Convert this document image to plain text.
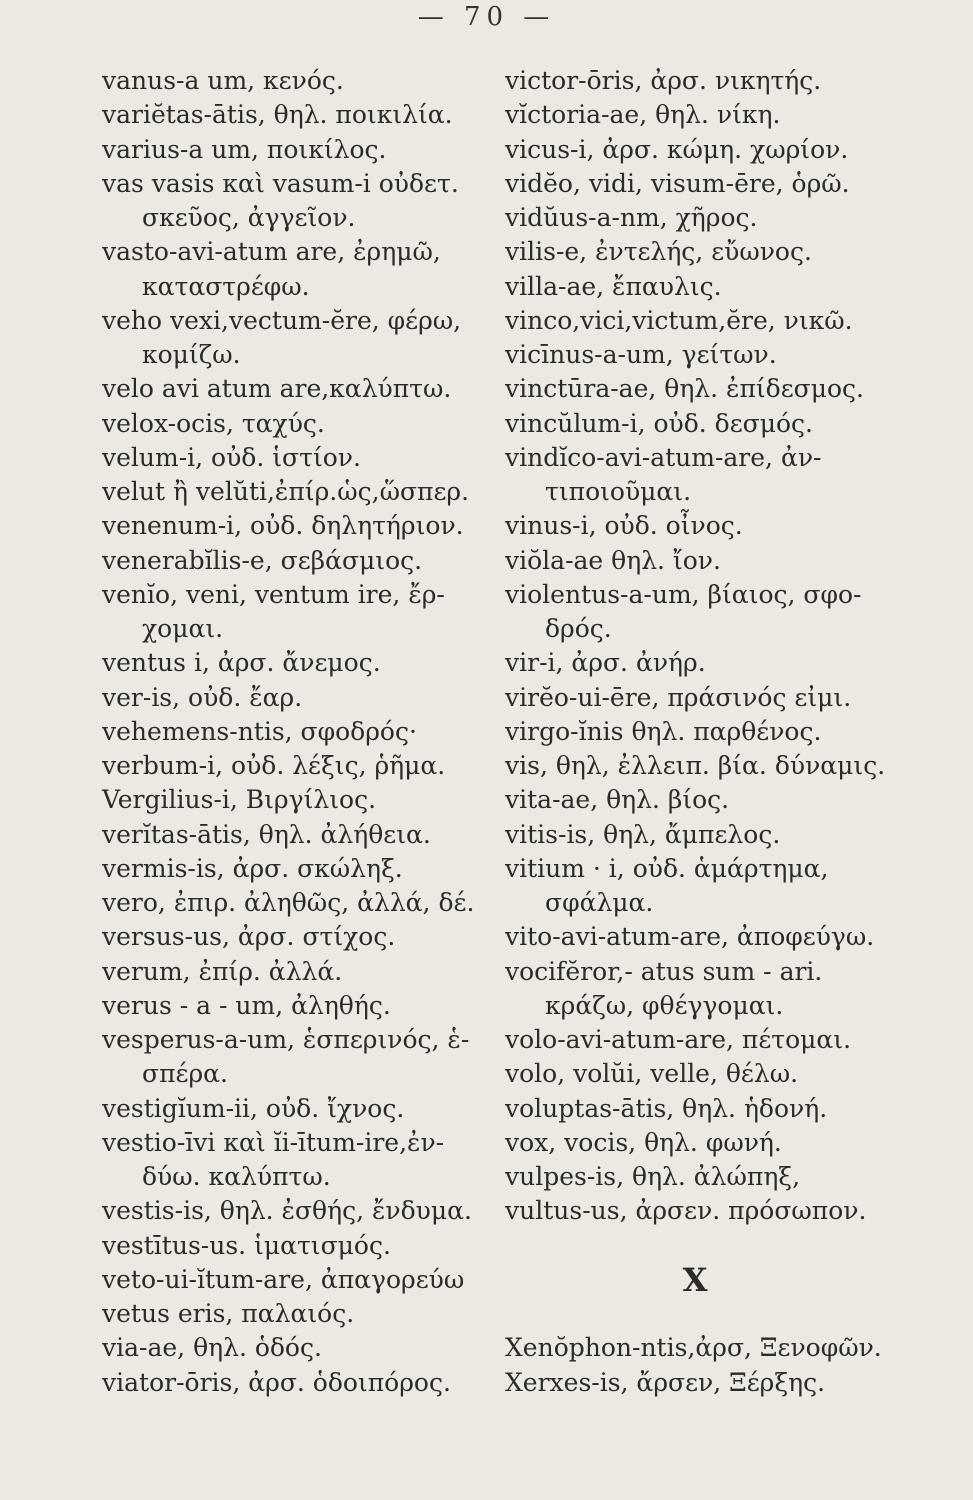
— 70 —
vanus-a um, κενός.
variĕtas-ātis, θηλ. ποικιλία.
varius-a um, ποικίλος.
vas vasis καὶ vasum-i οὐδετ.
σκεῦος, ἀγγεῖον.
vasto-avi-atum are, ἐρημῶ,
καταστρέφω.
veho vexi,vectum-ĕre, φέρω,
κομίζω.
velo avi atum are,καλύπτω.
velox-ocis, ταχύς.
velum-i, οὐδ. ἱστίον.
velut ἢ velŭti,ἐπίρ.ὡς,ὥσπερ.
venenum-i, οὐδ. δηλητήριον.
venerabĭlis-e, σεβάσμιος.
venĭo, veni, ventum ire, ἔρ-
χομαι.
ventus i, ἀρσ. ἄνεμος.
ver-is, οὐδ. ἔαρ.
vehemens-ntis, σφοδρός·
verbum-i, οὐδ. λέξις, ῥῆμα.
Vergilius-i, Βιργίλιος.
verĭtas-ātis, θηλ. ἀλήθεια.
vermis-is, ἀρσ. σκώληξ.
vero, ἐπιρ. ἀληθῶς, ἀλλά, δέ.
versus-us, ἀρσ. στίχος.
verum, ἐπίρ. ἀλλά.
verus - a - um, ἀληθής.
vesperus-a-um, ἑσπερινός, ἑ-
σπέρα.
vestigĭum-ii, οὐδ. ἴχνος.
vestio-īvi καὶ ĭi-ītum-ire,ἐν-
δύω. καλύπτω.
vestis-is, θηλ. ἐσθής, ἔνδυμα.
vestītus-us. ἱματισμός.
veto-ui-ĭtum-are, ἀπαγορεύω
vetus eris, παλαιός.
via-ae, θηλ. ὁδός.
viator-ōris, ἀρσ. ὁδοιπόρος.
victor-ōris, ἀρσ. νικητής.
vĭctoria-ae, θηλ. νίκη.
vicus-i, ἀρσ. κώμη. χωρίον.
vidĕo, vidi, visum-ēre, ὁρῶ.
vidŭus-a-nm, χῆρος.
vilis-e, ἐντελής, εὔωνος.
villa-ae, ἔπαυλις.
vinco,vici,victum,ĕre, νικῶ.
vicīnus-a-um, γείτων.
vinctūra-ae, θηλ. ἐπίδεσμος.
vincŭlum-i, οὐδ. δεσμός.
vindĭco-avi-atum-are, ἀν-
τιποιοῦμαι.
vinus-i, οὐδ. οἶνος.
viŏla-ae θηλ. ἴον.
violentus-a-um, βίαιος, σφο-
δρός.
vir-i, ἀρσ. ἀνήρ.
virĕo-ui-ēre, πράσινός εἰμι.
virgo-ĭnis θηλ. παρθένος.
vis, θηλ, ἐλλειπ. βία. δύναμις.
vita-ae, θηλ. βίος.
vitis-is, θηλ, ἄμπελος.
vitium · i, οὐδ. ἁμάρτημα,
σφάλμα.
vito-avi-atum-are, ἀποφεύγω.
vocifĕror,- atus sum - ari.
κράζω, φθέγγομαι.
volo-avi-atum-are, πέτομαι.
volo, volŭi, velle, θέλω.
voluptas-ātis, θηλ. ἡδονή.
vox, vocis, θηλ. φωνή.
vulpes-is, θηλ. ἀλώπηξ,
vultus-us, ἀρσεν. πρόσωπον.
X
Xenŏphon-ntis,ἀρσ, Ξενοφῶν.
Xerxes-is, ἄρσεν, Ξέρξης.
